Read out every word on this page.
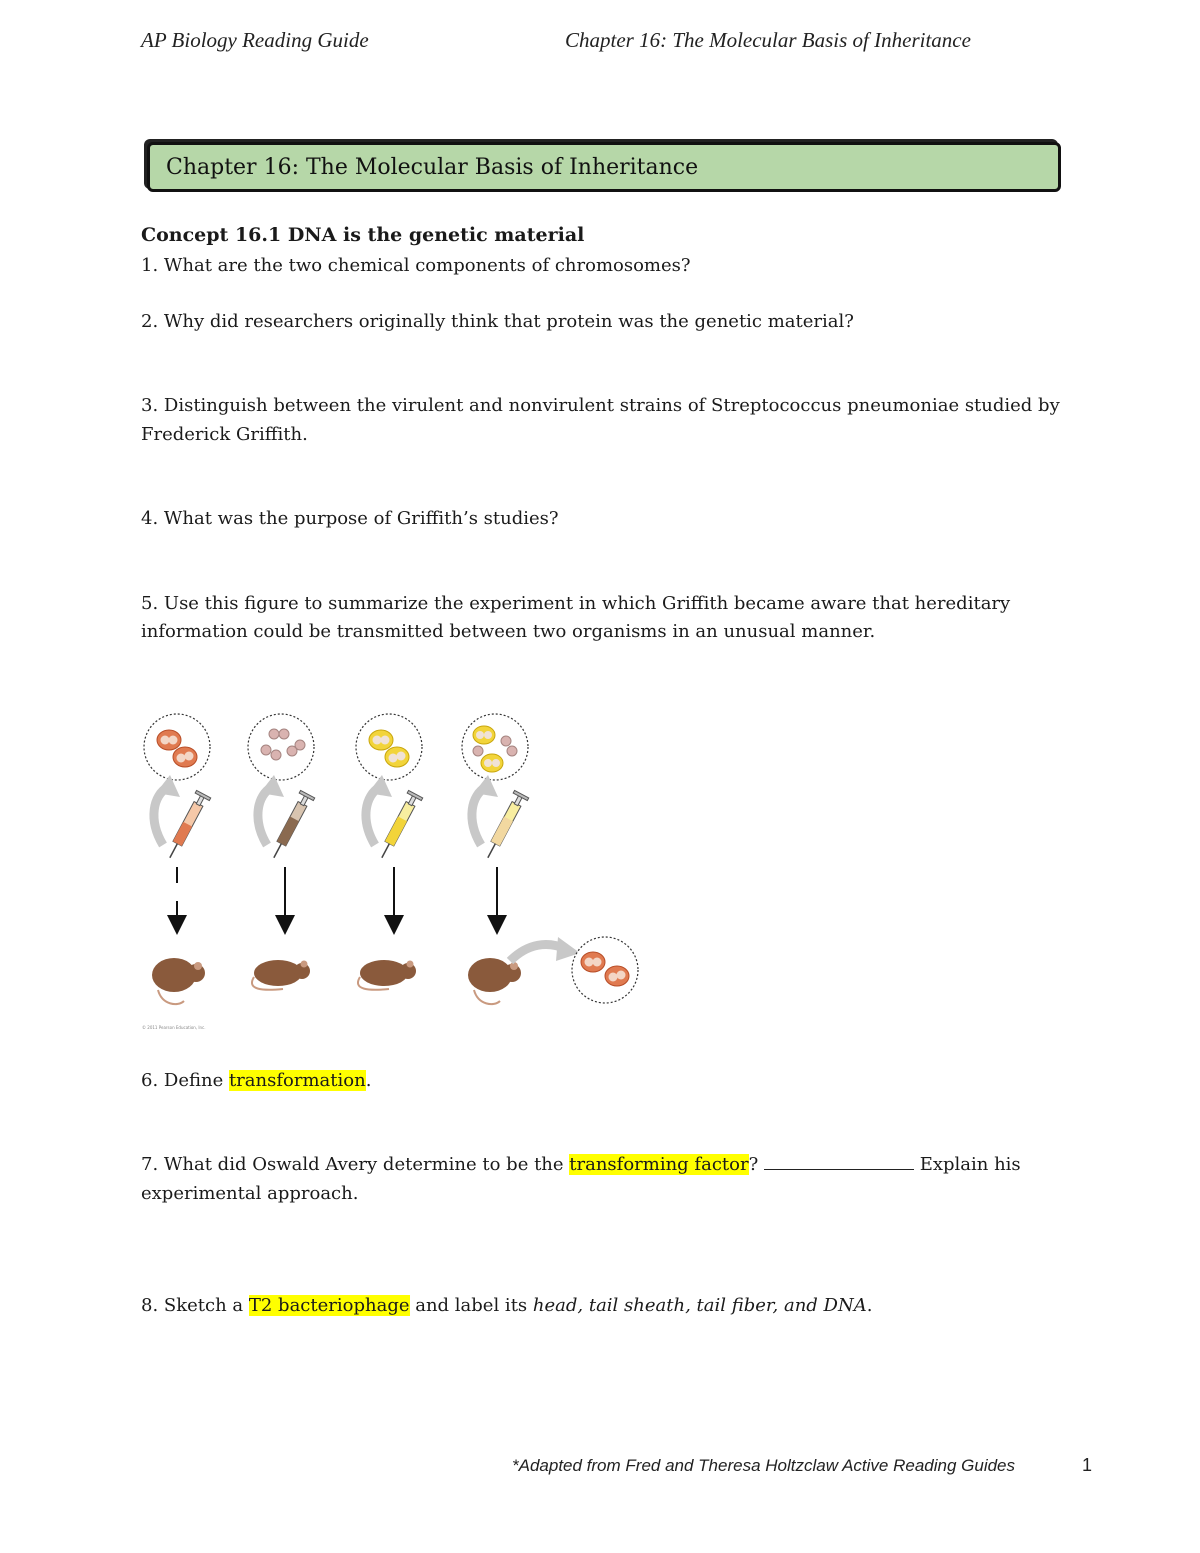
AP Biology Reading Guide	Chapter 16: The Molecular Basis of Inheritance
Chapter 16: The Molecular Basis of Inheritance
Concept 16.1 DNA is the genetic material
1. What are the two chemical components of chromosomes?
2. Why did researchers originally think that protein was the genetic material?
3. Distinguish between the virulent and nonvirulent strains of Streptococcus pneumoniae studied by
Frederick Griffith.
4. What was the purpose of Griffith’s studies?
5. Use this figure to summarize the experiment in which Griffith became aware that hereditary
information could be transmitted between two organisms in an unusual manner.
© 2011 Pearson Education, Inc.
6. Define transformation.
7. What did Oswald Avery determine to be the transforming factor?	Explain his
experimental approach.
8. Sketch a T2 bacteriophage and label its head, tail sheath, tail fiber, and DNA.
*Adapted from Fred and Theresa Holtzclaw Active Reading Guides	1
